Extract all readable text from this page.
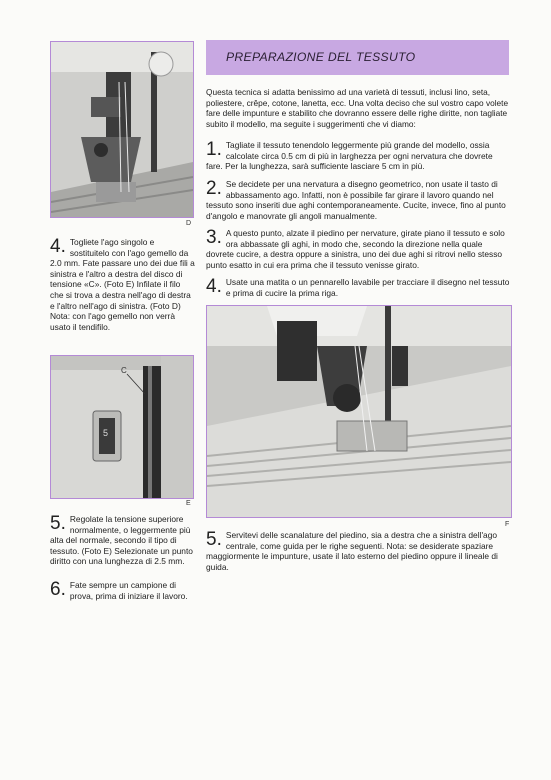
D
4. Togliete l'ago singolo e sostituitelo con l'ago gemello da 2.0 mm. Fate passare uno dei due fili a sinistra e l'altro a destra del disco di tensione «C». (Foto E) Infilate il filo che si trova a destra nell'ago di destra e l'altro nell'ago di sinistra. (Foto D) Nota: con l'ago gemello non verrà usato il tendifilo.
C
5
E
5. Regolate la tensione superiore normalmente, o leggermente più alta del normale, secondo il tipo di tessuto. (Foto E) Selezionate un punto diritto con una lunghezza di 2.5 mm.
6. Fate sempre un campione di prova, prima di iniziare il lavoro.
PREPARAZIONE DEL TESSUTO
Questa tecnica si adatta benissimo ad una varietà di tessuti, inclusi lino, seta, poliestere, crêpe, cotone, lanetta, ecc. Una volta deciso che sul vostro capo volete fare delle impunture e stabilito che dovranno essere delle righe diritte, non tagliate subito il modello, ma seguite i suggerimenti che vi diamo:
1. Tagliate il tessuto tenendolo leggermente più grande del modello, ossia calcolate circa 0.5 cm di più in larghezza per ogni nervatura che dovrete fare. Per la lunghezza, sarà sufficiente lasciare 5 cm in più.
2. Se decidete per una nervatura a disegno geometrico, non usate il tasto di abbassamento ago. Infatti, non è possibile far girare il lavoro quando nel tessuto sono inseriti due aghi contemporaneamente. Cucite, invece, fino al punto d'angolo e manovrate gli angoli manualmente.
3. A questo punto, alzate il piedino per nervature, girate piano il tessuto e solo ora abbassate gli aghi, in modo che, secondo la direzione nella quale dovrete cucire, a destra oppure a sinistra, uno dei due aghi si ritrovi nello stesso punto esatto in cui era prima che il tessuto venisse girato.
4. Usate una matita o un pennarello lavabile per tracciare il disegno nel tessuto e prima di cucire la prima riga.
F
5. Servitevi delle scanalature del piedino, sia a destra che a sinistra dell'ago centrale, come guida per le righe seguenti. Nota: se desiderate spaziare maggiormente le impunture, usate il lato esterno del piedino oppure il lineale di guida.
